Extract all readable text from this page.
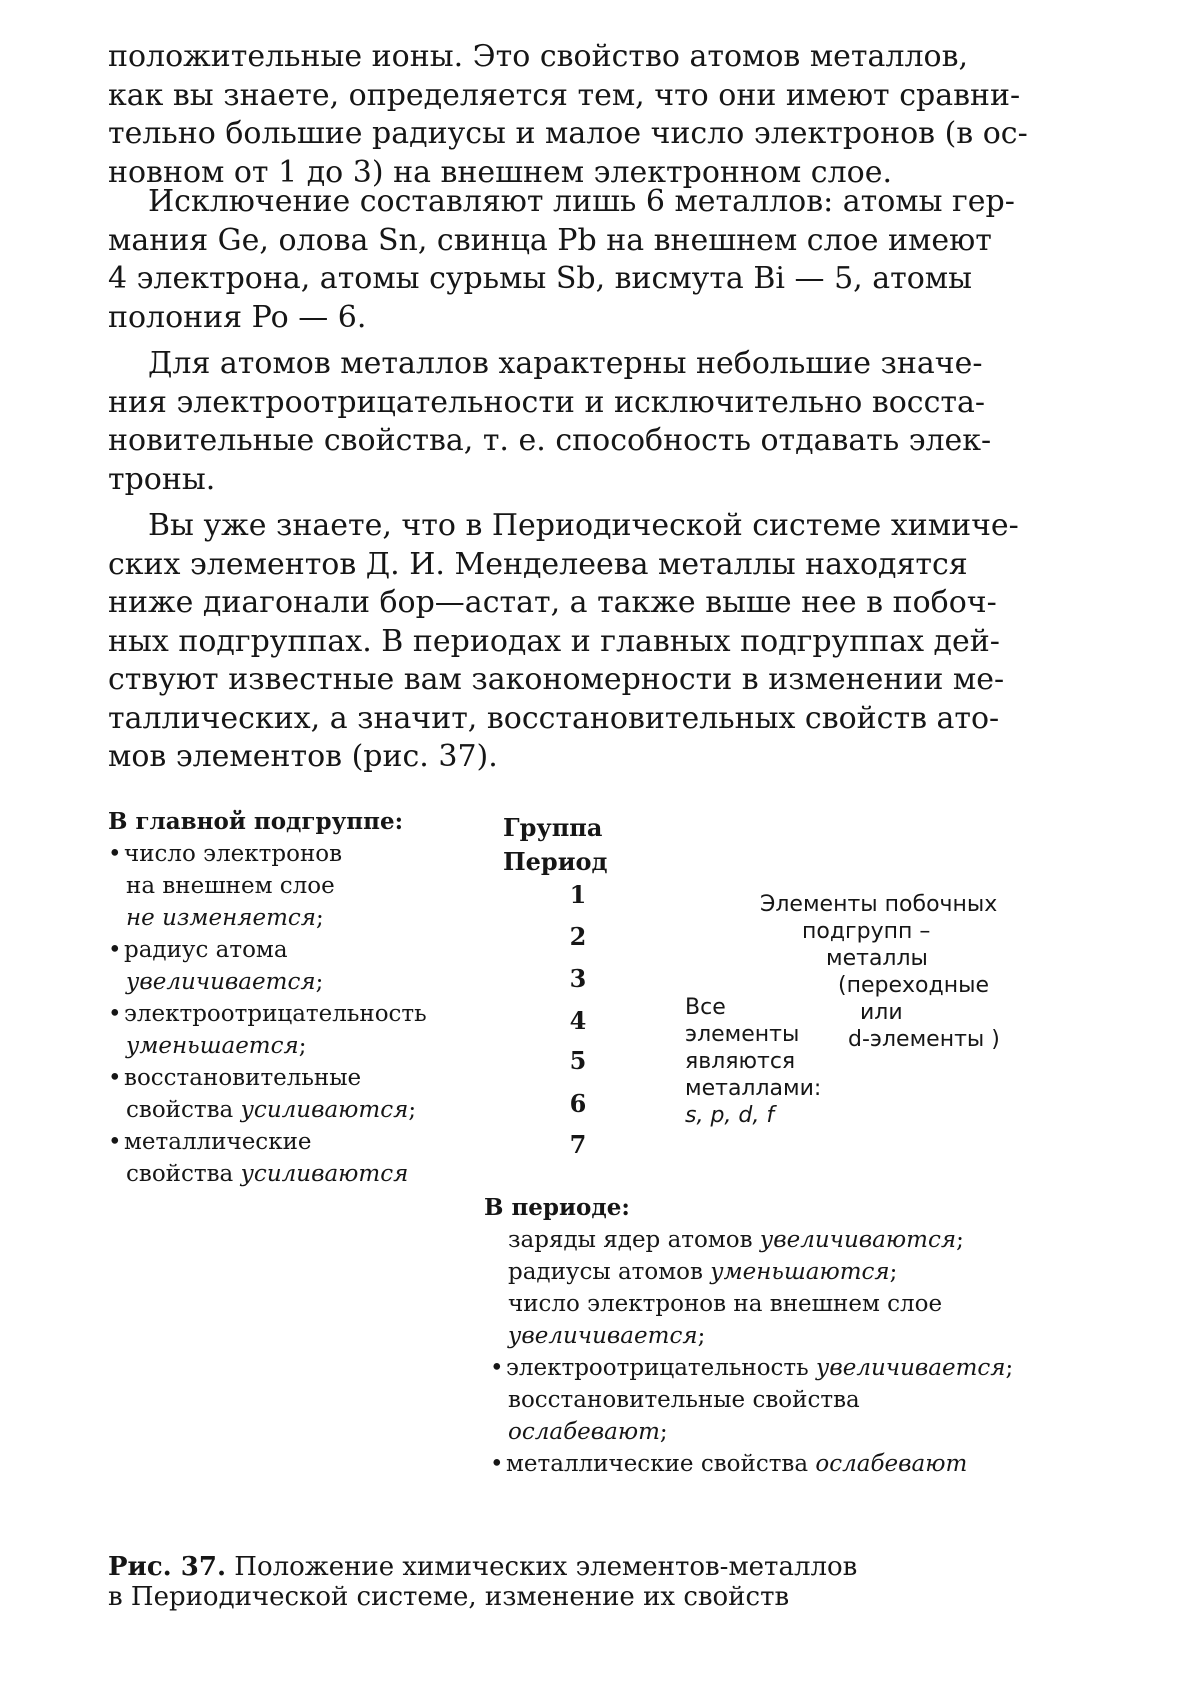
положительные ионы. Это свойство атомов металлов,
как вы знаете, определяется тем, что они имеют сравни-
тельно большие радиусы и малое число электронов (в ос-
новном от 1 до 3) на внешнем электронном слое.

Исключение составляют лишь 6 металлов: атомы гер-
мания Ge, олова Sn, свинца Pb на внешнем слое имеют
4 электрона, атомы сурьмы Sb, висмута Bi — 5, атомы
полония Po — 6.

Для атомов металлов характерны небольшие значе-
ния электроотрицательности и исключительно восста-
новительные свойства, т. е. способность отдавать элек-
троны.

Вы уже знаете, что в Периодической системе химиче-
ских элементов Д. И. Менделеева металлы находятся
ниже диагонали бор—астат, а также выше нее в побоч-
ных подгруппах. В периодах и главных подгруппах дей-
ствуют известные вам закономерности в изменении ме-
таллических, а значит, восстановительных свойств ато-
мов элементов (рис. 37).

В главной подгруппе:
• число электронов
на внешнем слое
не изменяется;
• радиус атома
увеличивается;
• электроотрицательность
уменьшается;
• восстановительные
свойства усиливаются;
• металлические
свойства усиливаются
Группа
Период
1
2
3
4
5
6
7
Элементы побочных
подгрупп –
металлы
(переходные
или
d-элементы )
Все
элементы
являются
металлами:
s, p, d, f
В периоде:
заряды ядер атомов увеличиваются;
радиусы атомов уменьшаются;
число электронов на внешнем слое
увеличивается;
• электроотрицательность увеличивается;
восстановительные свойства
ослабевают;
• металлические свойства ослабевают
Рис. 37. Положение химических элементов-металлов
в Периодической системе, изменение их свойств
